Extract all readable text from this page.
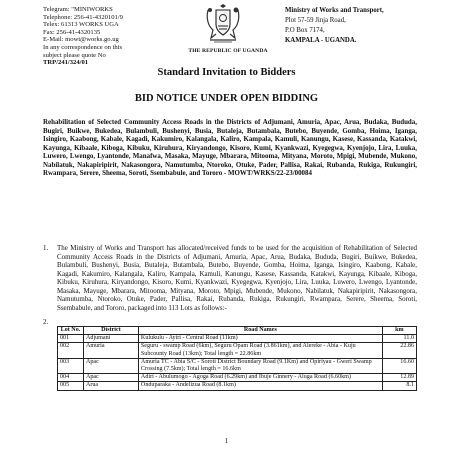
Telegram: "MINIWORKS
Telephone: 256-41-4320101/9
Telex: 61313 WORKS UGA
Fax: 256-41-4320135
E-Mail: mowt@works.go.ug
In any correspondence on this
subject please quote No
TRP/241/324/01
THE REPUBLIC OF UGANDA
Ministry of Works and Transport,
Plot 57-59 Jinja Road,
P.O Box 7174,
KAMPALA - UGANDA.
Standard Invitation to Bidders
BID NOTICE UNDER OPEN BIDDING
Rehabilitation of Selected Community Access Roads in the Districts of Adjumani, Amuria, Apac, Arua, Budaka, Bududa, Bugiri, Buikwe, Bukedea, Bulambuli, Bushenyi, Busia, Butaleja, Butambala, Butebo, Buyende, Gomba, Hoima, Iganga, Isingiro, Kaabong, Kabale, Kagadi, Kakumiro, Kalangala, Kaliro, Kampala, Kamuli, Kanungu, Kasese, Kassanda, Katakwi, Kayunga, Kibaale, Kiboga, Kibuku, Kiruhura, Kiryandongo, Kisoro, Kumi, Kyankwazi, Kyegegwa, Kyenjojo, Lira, Luuka, Luwero, Lwengo, Lyantonde, Manafwa, Masaka, Mayuge, Mbarara, Mitooma, Mityana, Moroto, Mpigi, Mubende, Mukono, Nabilatuk, Nakapiripirit, Nakasongora, Namutumba, Ntoroko, Otuke, Pader, Pallisa, Rakai, Rubanda, Rukiga, Rukungiri, Rwampara, Serere, Sheema, Soroti, Ssembabule, and Tororo - MOWT/WRKS/22-23/00084
1. The Ministry of Works and Transport has allocated/received funds to be used for the acquisition of Rehabilitation of Selected Community Access Roads in the Districts of Adjumani, Amuria, Apac, Arua, Budaka, Bududa, Bugiri, Buikwe, Bukedea, Bulambuli, Bushenyi, Busia, Butaleja, Butambala, Butebo, Buyende, Gomba, Hoima, Iganga, Isingiro, Kaabong, Kabale, Kagadi, Kakumiro, Kalangala, Kaliro, Kampala, Kamuli, Kanungu, Kasese, Kassanda, Katakwi, Kayunga, Kibaale, Kiboga, Kibuku, Kiruhura, Kiryandongo, Kisoro, Kumi, Kyankwazi, Kyegegwa, Kyenjojo, Lira, Luuka, Luwero, Lwengo, Lyantonde, Masaka, Mayuge, Mbarara, Mitooma, Mityana, Moroto, Mpigi, Mubende, Mukono, Nabilatuk, Nakapiripirit, Nakasongora, Namutumba, Ntoroko, Otuke, Pader, Pallisa, Rakai, Rubanda, Rukiga, Rukungiri, Rwampara, Serere, Sheema, Soroti, Ssembabule, and Tororo, packaged into 113 Lots as follows:-
2.
Lot No.	District	Road Names	km
001	Adjumani	Kulukulu - Ayiri - Central Road (11km)	11.0
002	Amuria	Seguru - swamp Road (6km), Seguru Opam Road (3.861km), and Alereke - Abia - Kuju Subcounty Road (13km); Total length = 22.86km	22.86
003	Apac	Amuria TC - Abia S/C - Soroti District Boundary Road (9.1Km) and Opiriyau - Gweri Swamp Crossing (7.5km); Total length = 16.6km	16.60
004	Apac	Adiri - Abulumogo - Agoga Road (6.29km) and Ibuje Ginnery - Aluga Road (6.60km)	12.89
005	Arua	Onduparaka - Andelizua Road (8.1km)	8.1
1
